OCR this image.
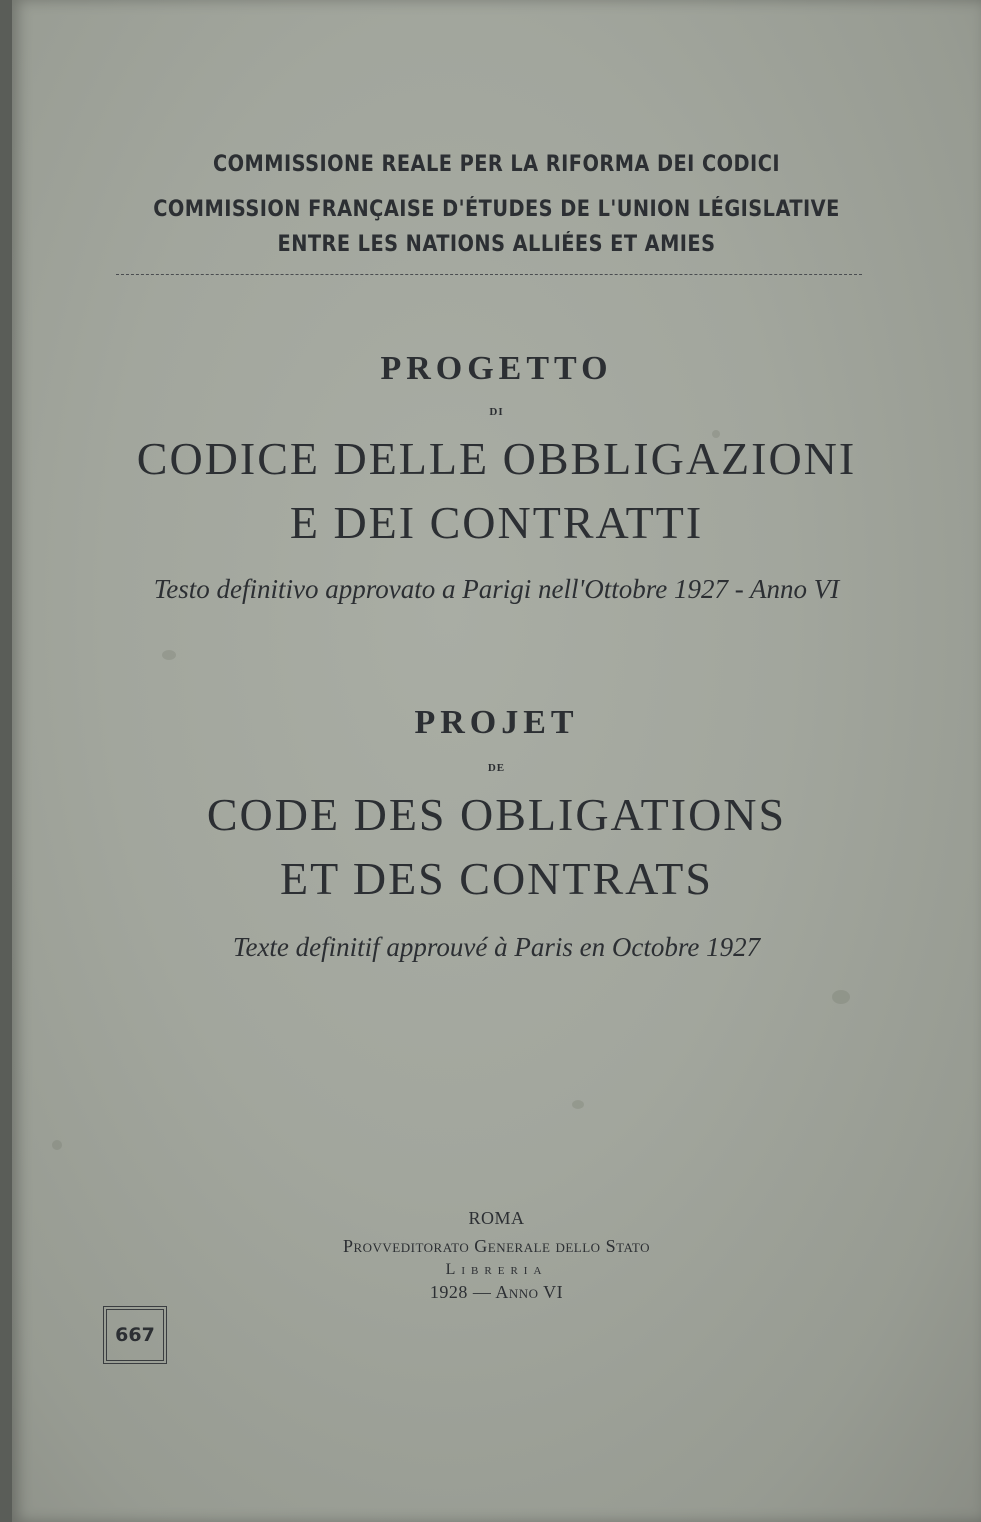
COMMISSIONE REALE PER LA RIFORMA DEI CODICI
COMMISSION FRANÇAISE D'ÉTUDES DE L'UNION LÉGISLATIVE
ENTRE LES NATIONS ALLIÉES ET AMIES
PROGETTO
DI
CODICE DELLE OBBLIGAZIONI
E DEI CONTRATTI
Testo definitivo approvato a Parigi nell'Ottobre 1927 - Anno VI
PROJET
DE
CODE DES OBLIGATIONS
ET DES CONTRATS
Texte definitif approuvé à Paris en Octobre 1927
ROMA
Provveditorato Generale dello Stato
Libreria
1928 — Anno VI
667
